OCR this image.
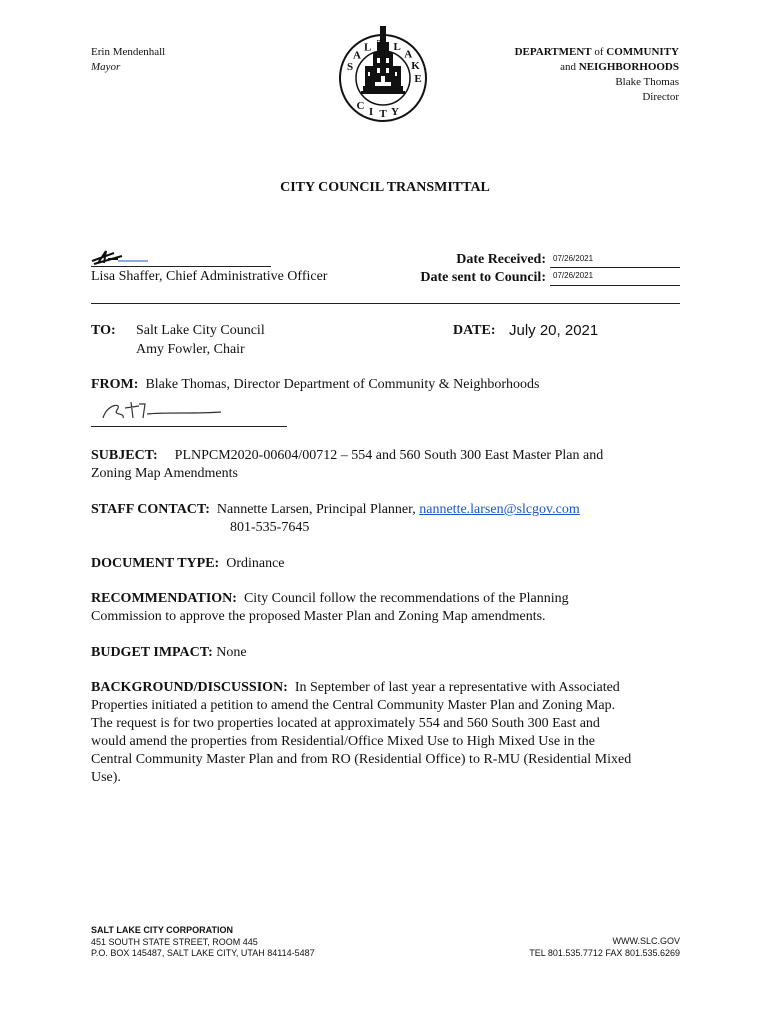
Erin Mendenhall
Mayor	S
A
L T L
A
K
E
C
I T Y
DEPARTMENT of COMMUNITY
and NEIGHBORHOODS
Blake Thomas
Director
CITY COUNCIL TRANSMITTAL
Lisa Shaffer, Chief Administrative Officer
Date Received: 07/26/2021
Date sent to Council: 07/26/2021
TO: Salt Lake City Council
Amy Fowler, Chair
DATE: July 20, 2021
FROM: Blake Thomas, Director Department of Community & Neighborhoods
SUBJECT: PLNPCM2020-00604/00712 – 554 and 560 South 300 East Master Plan and
Zoning Map Amendments
STAFF CONTACT: Nannette Larsen, Principal Planner, nannette.larsen@slcgov.com
801-535-7645
DOCUMENT TYPE: Ordinance
RECOMMENDATION: City Council follow the recommendations of the Planning
Commission to approve the proposed Master Plan and Zoning Map amendments.
BUDGET IMPACT: None
BACKGROUND/DISCUSSION: In September of last year a representative with Associated
Properties initiated a petition to amend the Central Community Master Plan and Zoning Map.
The request is for two properties located at approximately 554 and 560 South 300 East and
would amend the properties from Residential/Office Mixed Use to High Mixed Use in the
Central Community Master Plan and from RO (Residential Office) to R-MU (Residential Mixed
Use).
SALT LAKE CITY CORPORATION
451 SOUTH STATE STREET, ROOM 445
P.O. BOX 145487, SALT LAKE CITY, UTAH 84114-5487
WWW.SLC.GOV
TEL 801.535.7712 FAX 801.535.6269
